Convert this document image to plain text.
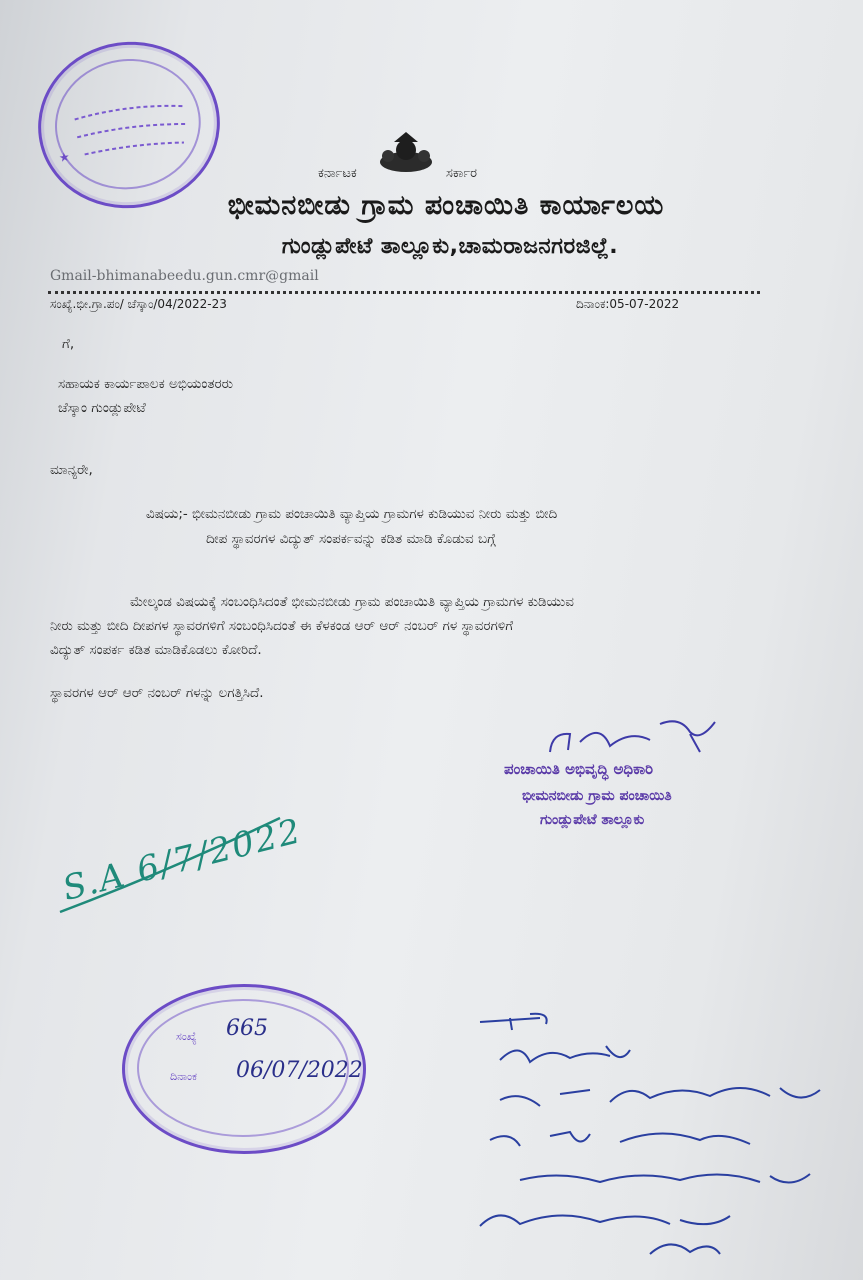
★
ಕರ್ನಾಟಕ	ಸರ್ಕಾರ
ಭೀಮನಬೀಡು ಗ್ರಾಮ ಪಂಚಾಯಿತಿ ಕಾರ್ಯಾಲಯ
ಗುಂಡ್ಲುಪೇಟೆ ತಾಲ್ಲೂಕು,ಚಾಮರಾಜನಗರಜಿಲ್ಲೆ.
Gmail-bhimanabeedu.gun.cmr@gmail
ಸಂಖ್ಯೆ.ಭೀ.ಗ್ರಾ.ಪಂ/ ಚೆಸ್ಕಾಂ/04/2022-23	ದಿನಾಂಕ:05-07-2022
ಗೆ,
ಸಹಾಯಕ ಕಾರ್ಯಪಾಲಕ ಅಭಿಯಂತರರು
ಚೆಸ್ಕಾಂ ಗುಂಡ್ಲುಪೇಟೆ
ಮಾನ್ಯರೇ,
ವಿಷಯ;- ಭೀಮನಬೀಡು ಗ್ರಾಮ ಪಂಚಾಯಿತಿ ವ್ಯಾಪ್ತಿಯ ಗ್ರಾಮಗಳ ಕುಡಿಯುವ ನೀರು ಮತ್ತು ಬೀದಿ
ದೀಪ ಸ್ಥಾವರಗಳ ವಿದ್ಯುತ್ ಸಂಪರ್ಕವನ್ನು ಕಡಿತ ಮಾಡಿ ಕೊಡುವ ಬಗ್ಗೆ
ಮೇಲ್ಕಂಡ ವಿಷಯಕ್ಕೆ ಸಂಬಂಧಿಸಿದಂತೆ ಭೀಮನಬೀಡು ಗ್ರಾಮ ಪಂಚಾಯಿತಿ ವ್ಯಾಪ್ತಿಯ ಗ್ರಾಮಗಳ ಕುಡಿಯುವ
ನೀರು ಮತ್ತು ಬೀದಿ ದೀಪಗಳ ಸ್ಥಾವರಗಳಿಗೆ ಸಂಬಂಧಿಸಿದಂತೆ ಈ ಕೆಳಕಂಡ ಆರ್ ಆರ್ ನಂಬರ್ ಗಳ ಸ್ಥಾವರಗಳಿಗೆ
ವಿದ್ಯುತ್ ಸಂಪರ್ಕ ಕಡಿತ ಮಾಡಿಕೊಡಲು ಕೋರಿದೆ.
ಸ್ಥಾವರಗಳ ಆರ್ ಆರ್ ನಂಬರ್ ಗಳನ್ನು ಲಗತ್ತಿಸಿದೆ.
ಪಂಚಾಯಿತಿ ಅಭಿವೃದ್ಧಿ ಅಧಿಕಾರಿ
ಭೀಮನಬೀಡು ಗ್ರಾಮ ಪಂಚಾಯಿತಿ
ಗುಂಡ್ಲುಪೇಟೆ ತಾಲ್ಲೂಕು
S.A 6/7/2022
ಸಂಖ್ಯೆ 665
ದಿನಾಂಕ 06/07/2022
